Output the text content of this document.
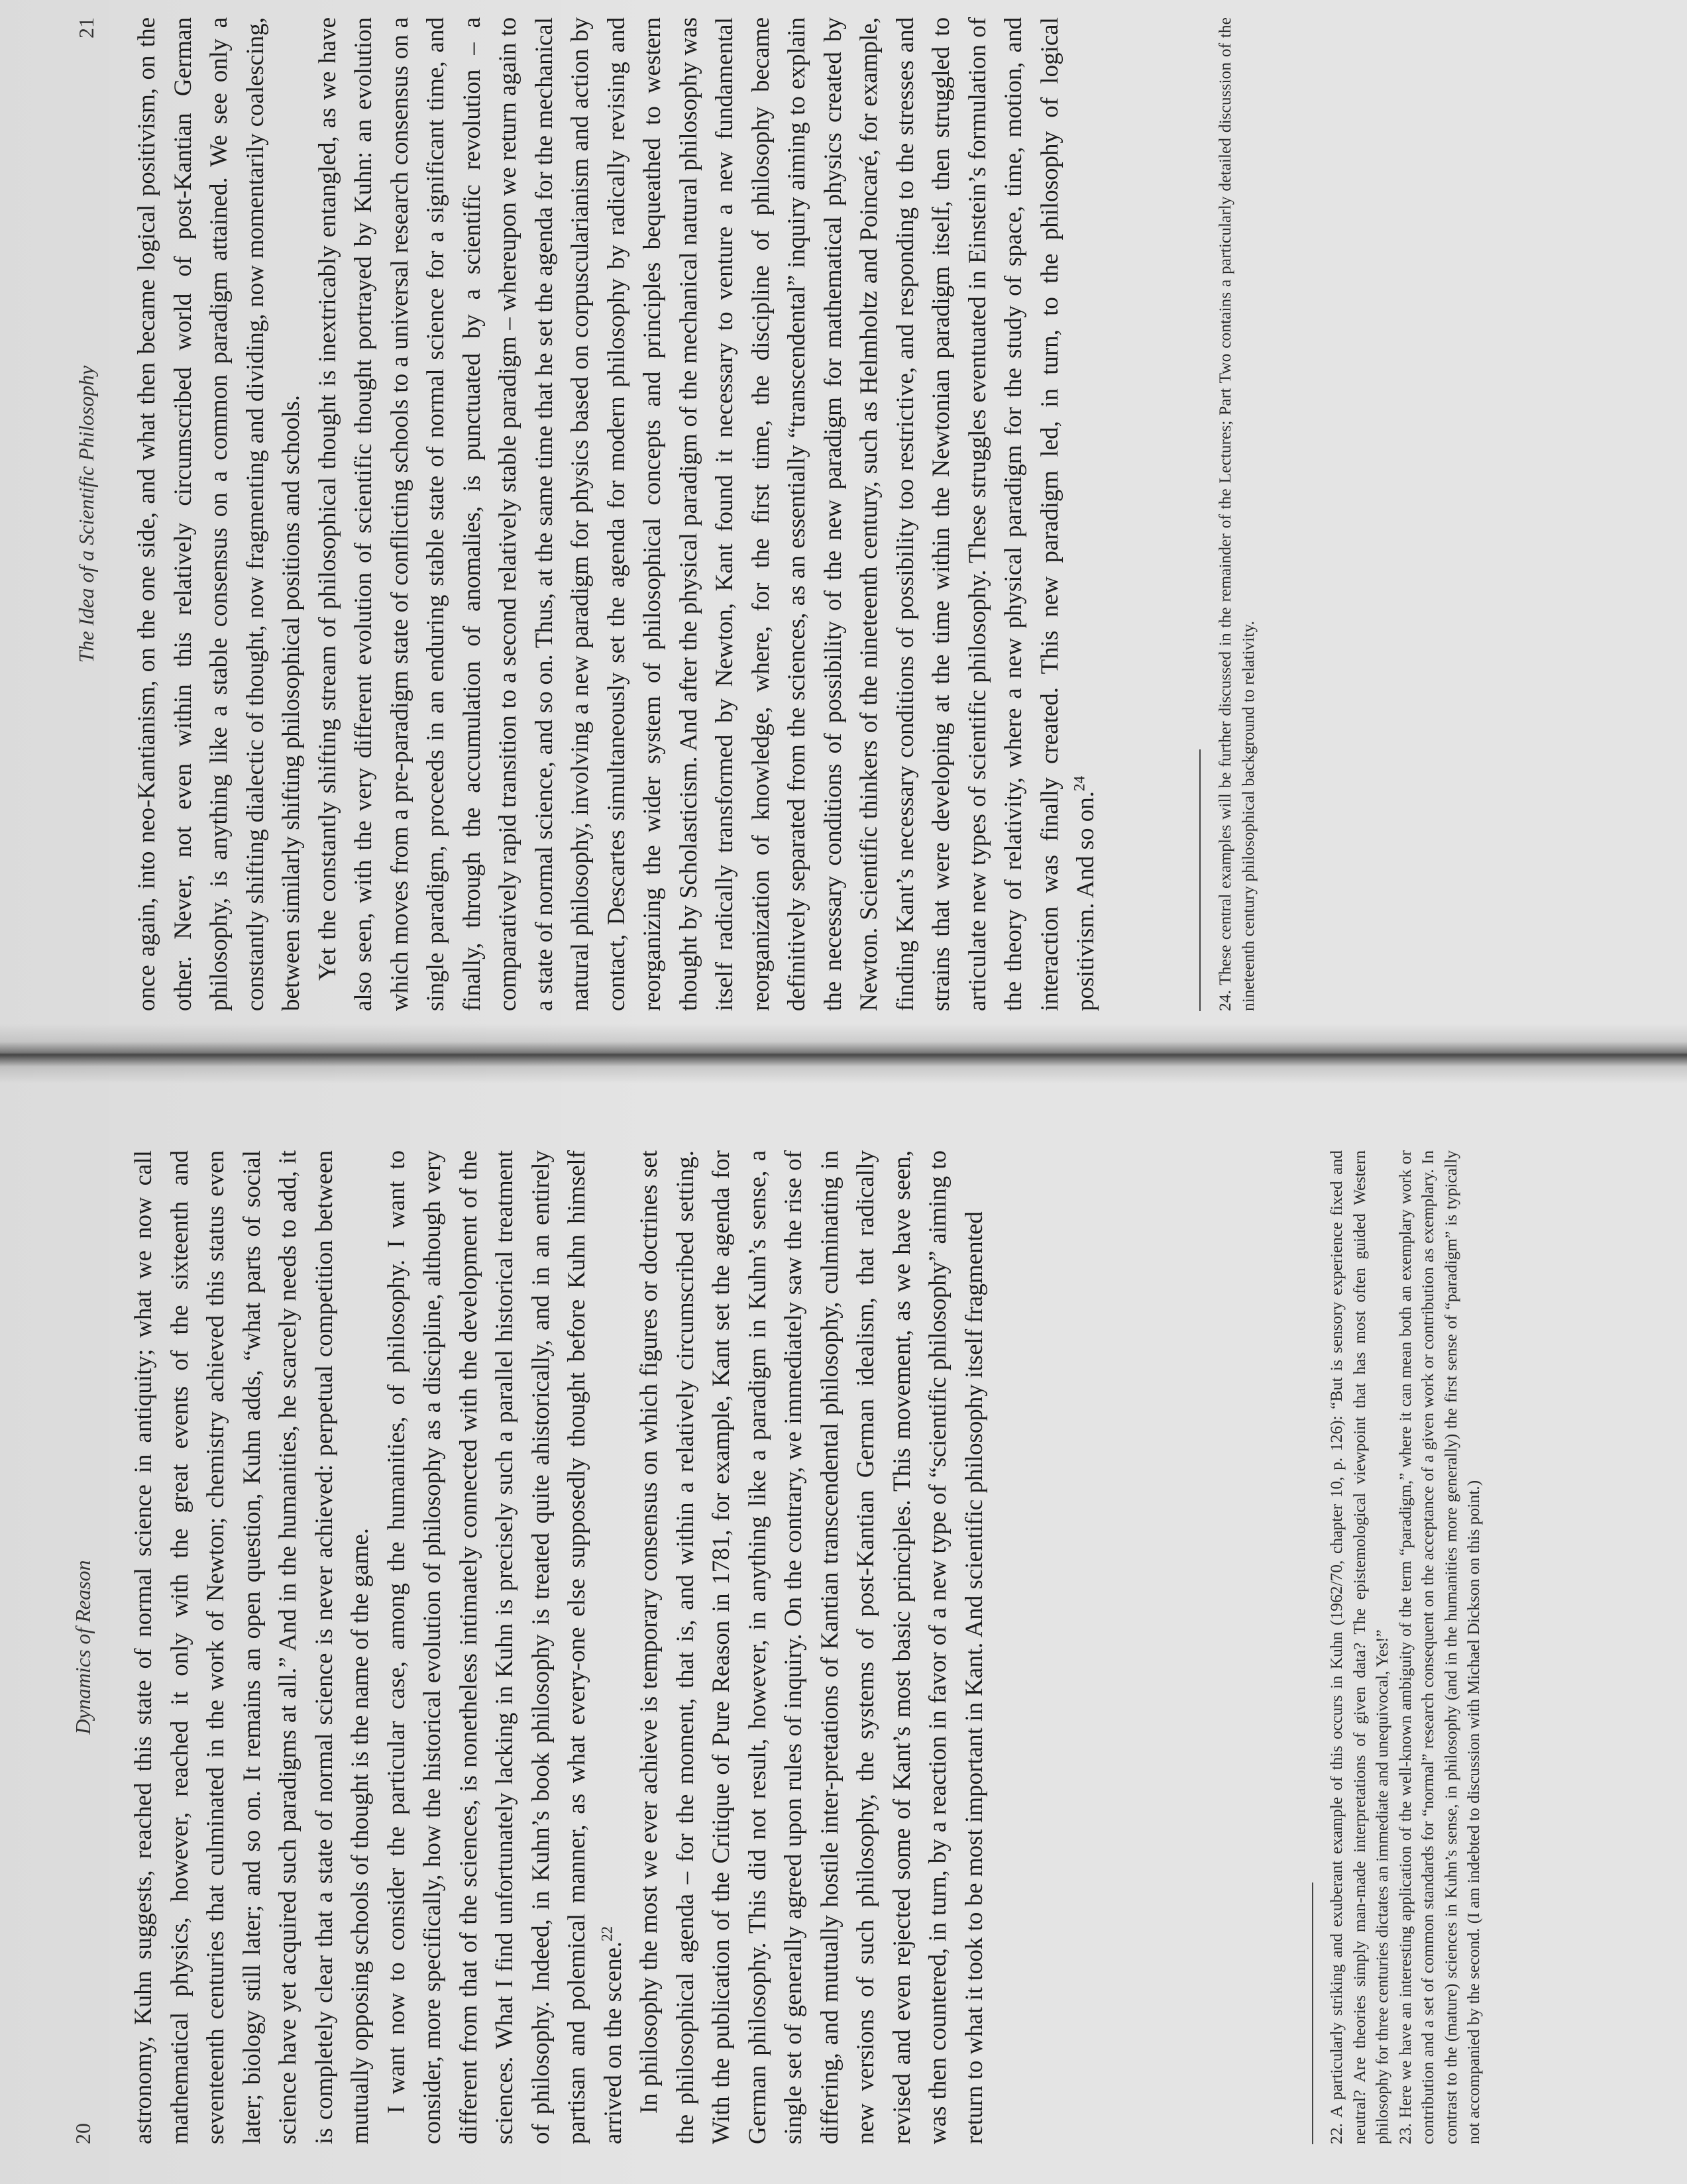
20
Dynamics of Reason	astronomy, Kuhn suggests, reached this state of normal science in antiquity; what we now call mathematical physics, however, reached it only with the great events of the sixteenth and seventeenth centuries that culminated in the work of Newton; chemistry achieved this status even later; biology still later; and so on. It remains an open question, Kuhn adds, “what parts of social science have yet acquired such paradigms at all.” And in the humanities, he scarcely needs to add, it is completely clear that a state of normal science is never achieved: perpetual competition between mutually opposing schools of thought is the name of the game. I want now to consider the particular case, among the humanities, of philosophy. I want to consider, more specifically, how the historical evolution of philosophy as a discipline, although very different from that of the sciences, is nonetheless intimately connected with the development of the sciences. What I find unfortunately lacking in Kuhn is precisely such a parallel historical treatment of philosophy. Indeed, in Kuhn’s book philosophy is treated quite ahistorically, and in an entirely partisan and polemical manner, as what every-one else supposedly thought before Kuhn himself arrived on the scene.$^{22}$ In philosophy the most we ever achieve is temporary consensus on which figures or doctrines set the philosophical agenda – for the moment, that is, and within a relatively circumscribed setting. With the publication of the Critique of Pure Reason in 1781, for example, Kant set the agenda for German philosophy. This did not result, however, in anything like a paradigm in Kuhn’s sense, a single set of generally agreed upon rules of inquiry. On the contrary, we immediately saw the rise of differing, and mutually hostile inter-pretations of Kantian transcendental philosophy, culminating in new versions of such philosophy, the systems of post-Kantian German idealism, that radically revised and even rejected some of Kant’s most basic principles. This movement, as we have seen, was then countered, in turn, by a reaction in favor of a new type of “scientific philosophy” aiming to return to what it took to be most important in Kant. And scientific philosophy itself fragmented	22. A particularly striking and exuberant example of this occurs in Kuhn (1962/70, chapter 10, p. 126): “But is sensory experience fixed and neutral? Are theories simply man-made interpretations of given data? The epistemological viewpoint that has most often guided Western philosophy for three centuries dictates an immediate and unequivocal, Yes!” 23. Here we have an interesting application of the well-known ambiguity of the term “paradigm,” where it can mean both an exemplary work or contribution and a set of common standards for “normal” research consequent on the acceptance of a given work or contribution as exemplary. In contrast to the (mature) sciences in Kuhn’s sense, in philosophy (and in the humanities more generally) the first sense of “paradigm” is typically not accompanied by the second. (I am indebted to discussion with Michael Dickson on this point.)

The Idea of a Scientific Philosophy
21	once again, into neo-Kantianism, on the one side, and what then became logical positivism, on the other. Never, not even within this relatively circumscribed world of post-Kantian German philosophy, is anything like a stable consensus on a common paradigm attained. We see only a constantly shifting dialectic of thought, now fragmenting and dividing, now momentarily coalescing, between similarly shifting philosophical positions and schools. Yet the constantly shifting stream of philosophical thought is inextricably entangled, as we have also seen, with the very different evolution of scientific thought portrayed by Kuhn: an evolution which moves from a pre-paradigm state of conflicting schools to a universal research consensus on a single paradigm, proceeds in an enduring stable state of normal science for a significant time, and finally, through the accumulation of anomalies, is punctuated by a scientific revolution – a comparatively rapid transition to a second relatively stable paradigm – whereupon we return again to a state of normal science, and so on. Thus, at the same time that he set the agenda for the mechanical natural philosophy, involving a new paradigm for physics based on corpuscularianism and action by contact, Descartes simultaneously set the agenda for modern philosophy by radically revising and reorganizing the wider system of philosophical concepts and principles bequeathed to western thought by Scholasticism. And after the physical paradigm of the mechanical natural philosophy was itself radically transformed by Newton, Kant found it necessary to venture a new fundamental reorganization of knowledge, where, for the first time, the discipline of philosophy became definitively separated from the sciences, as an essentially “transcendental” inquiry aiming to explain the necessary conditions of possibility of the new paradigm for mathematical physics created by Newton. Scientific thinkers of the nineteenth century, such as Helmholtz and Poincaré, for example, finding Kant’s necessary conditions of possibility too restrictive, and responding to the stresses and strains that were developing at the time within the Newtonian paradigm itself, then struggled to articulate new types of scientific philosophy. These struggles eventuated in Einstein’s formulation of the theory of relativity, where a new physical paradigm for the study of space, time, motion, and interaction was finally created. This new paradigm led, in turn, to the philosophy of logical positivism. And so on.$^{24}$	24. These central examples will be further discussed in the remainder of the Lectures; Part Two contains a particularly detailed discussion of the nineteenth century philosophical background to relativity.
